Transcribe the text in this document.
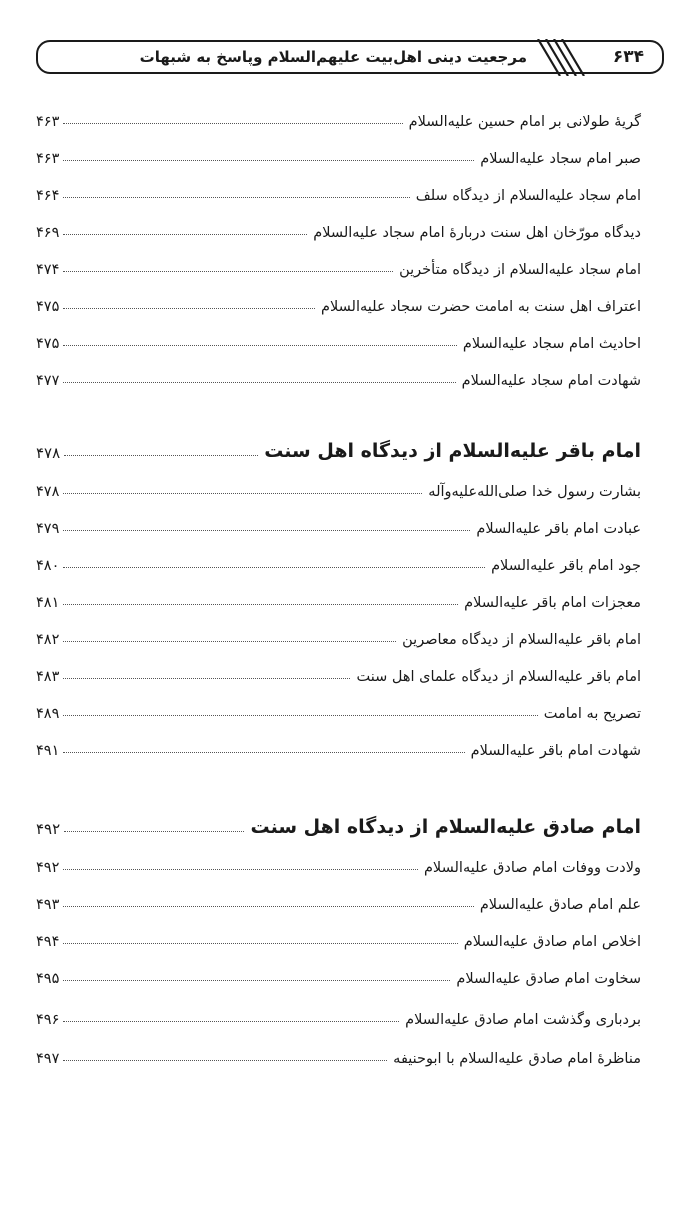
۶۳۴
مرجعیت دینی اهل‌بیت علیهم‌السلام وپاسخ به شبهات
گریهٔ طولانی بر امام حسین علیه‌السلام
۴۶۳
صبر امام سجاد علیه‌السلام
۴۶۳
امام سجاد علیه‌السلام از دیدگاه سلف
۴۶۴
دیدگاه مورّخان اهل سنت دربارهٔ امام سجاد علیه‌السلام
۴۶۹
امام سجاد علیه‌السلام از دیدگاه متأخرین
۴۷۴
اعتراف اهل سنت به امامت حضرت سجاد علیه‌السلام
۴۷۵
احادیث امام سجاد علیه‌السلام
۴۷۵
شهادت امام سجاد علیه‌السلام
۴۷۷
امام باقر علیه‌السلام از دیدگاه اهل سنت
۴۷۸
بشارت رسول خدا صلی‌الله‌علیه‌وآله
۴۷۸
عبادت امام باقر علیه‌السلام
۴۷۹
جود امام باقر علیه‌السلام
۴۸۰
معجزات امام باقر علیه‌السلام
۴۸۱
امام باقر علیه‌السلام از دیدگاه معاصرین
۴۸۲
امام باقر علیه‌السلام از دیدگاه علمای اهل سنت
۴۸۳
تصریح به امامت
۴۸۹
شهادت امام باقر علیه‌السلام
۴۹۱
امام صادق علیه‌السلام از دیدگاه اهل سنت
۴۹۲
ولادت ووفات امام صادق علیه‌السلام
۴۹۲
علم امام صادق علیه‌السلام
۴۹۳
اخلاص امام صادق علیه‌السلام
۴۹۴
سخاوت امام صادق علیه‌السلام
۴۹۵
بردباری وگذشت امام صادق علیه‌السلام
۴۹۶
مناظرهٔ امام صادق علیه‌السلام با ابوحنیفه
۴۹۷
